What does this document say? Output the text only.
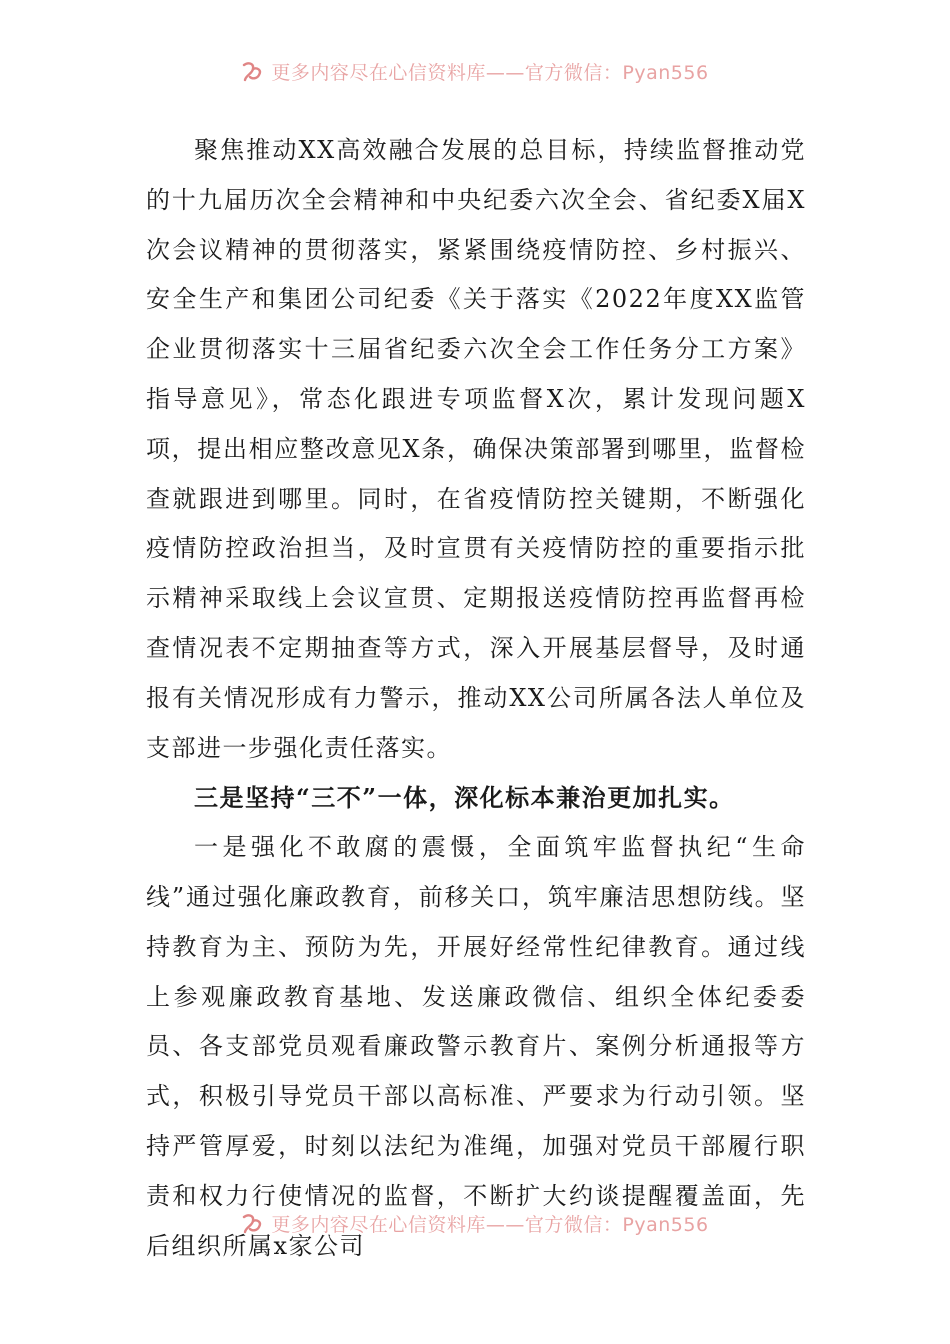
更多内容尽在心信资料库——官方微信：Pyan556

聚焦推动XX高效融合发展的总目标，持续监督推动党的十九届历次全会精神和中央纪委六次全会、省纪委X届X次会议精神的贯彻落实，紧紧围绕疫情防控、乡村振兴、安全生产和集团公司纪委《关于落实《2022年度XX监管企业贯彻落实十三届省纪委六次全会工作任务分工方案》指导意见》，常态化跟进专项监督X次，累计发现问题X项，提出相应整改意见X条，确保决策部署到哪里，监督检查就跟进到哪里。同时，在省疫情防控关键期，不断强化疫情防控政治担当，及时宣贯有关疫情防控的重要指示批示精神采取线上会议宣贯、定期报送疫情防控再监督再检查情况表不定期抽查等方式，深入开展基层督导，及时通报有关情况形成有力警示，推动XX公司所属各法人单位及支部进一步强化责任落实。

三是坚持“三不”一体，深化标本兼治更加扎实。

一是强化不敢腐的震慑，全面筑牢监督执纪“生命线”通过强化廉政教育，前移关口，筑牢廉洁思想防线。坚持教育为主、预防为先，开展好经常性纪律教育。通过线上参观廉政教育基地、发送廉政微信、组织全体纪委委员、各支部党员观看廉政警示教育片、案例分析通报等方式，积极引导党员干部以高标准、严要求为行动引领。坚持严管厚爱，时刻以法纪为准绳，加强对党员干部履行职责和权力行使情况的监督，不断扩大约谈提醒覆盖面，先后组织所属x家公司

更多内容尽在心信资料库——官方微信：Pyan556
